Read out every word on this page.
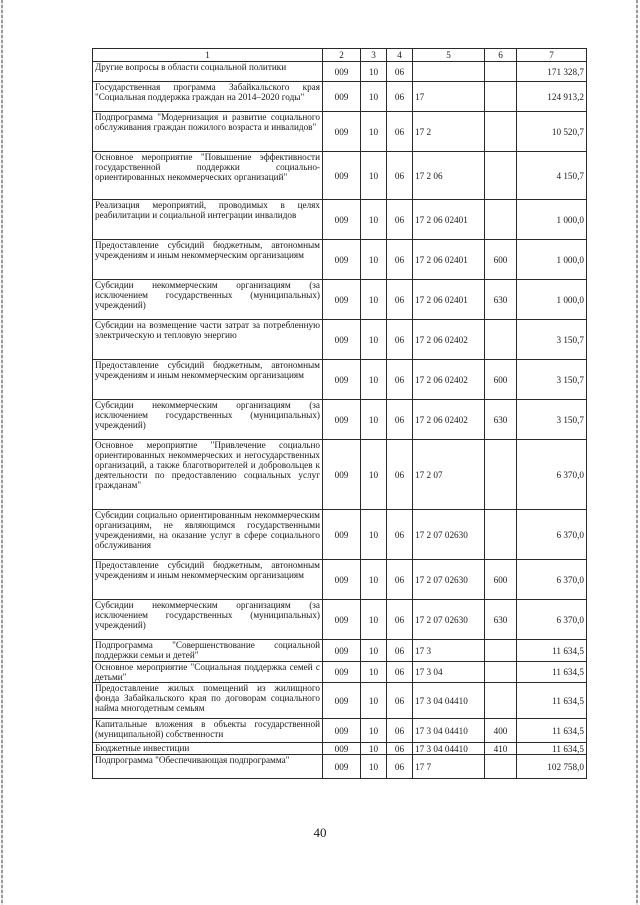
1	2	3	4	5	6	7
Другие вопросы в области социальной политики	009	10	06			171 328,7
Государственная программа Забайкальского края "Социальная поддержка граждан на 2014–2020 годы"	009	10	06	17		124 913,2
Подпрограмма "Модернизация и развитие социального обслуживания граждан пожилого возраста и инвалидов"	009	10	06	17 2		10 520,7
Основное мероприятие "Повышение эффективности государственной поддержки социально-ориентированных некоммерческих организаций"	009	10	06	17 2 06		4 150,7
Реализация мероприятий, проводимых в целях реабилитации и социальной интеграции инвалидов	009	10	06	17 2 06 02401		1 000,0
Предоставление субсидий бюджетным, автономным учреждениям и иным некоммерческим организациям	009	10	06	17 2 06 02401	600	1 000,0
Субсидии некоммерческим организациям (за исключением государственных (муниципальных) учреждений)	009	10	06	17 2 06 02401	630	1 000,0
Субсидии на возмещение части затрат за потребленную электрическую и тепловую энергию	009	10	06	17 2 06 02402		3 150,7
Предоставление субсидий бюджетным, автономным учреждениям и иным некоммерческим организациям	009	10	06	17 2 06 02402	600	3 150,7
Субсидии некоммерческим организациям (за исключением государственных (муниципальных) учреждений)	009	10	06	17 2 06 02402	630	3 150,7
Основное мероприятие "Привлечение социально ориентированных некоммерческих и негосударственных организаций, а также благотворителей и добровольцев к деятельности по предоставлению социальных услуг гражданам"	009	10	06	17 2 07		6 370,0
Субсидии социально ориентированным некоммерческим организациям, не являющимся государственными учреждениями, на оказание услуг в сфере социального обслуживания	009	10	06	17 2 07 02630		6 370,0
Предоставление субсидий бюджетным, автономным учреждениям и иным некоммерческим организациям	009	10	06	17 2 07 02630	600	6 370,0
Субсидии некоммерческим организациям (за исключением государственных (муниципальных) учреждений)	009	10	06	17 2 07 02630	630	6 370,0
Подпрограмма "Совершенствование социальной поддержки семьи и детей"	009	10	06	17 3		11 634,5
Основное мероприятие "Социальная поддержка семей с детьми"	009	10	06	17 3 04		11 634,5
Предоставление жилых помещений из жилищного фонда Забайкальского края по договорам социального найма многодетным семьям	009	10	06	17 3 04 04410		11 634,5
Капитальные вложения в объекты государственной (муниципальной) собственности	009	10	06	17 3 04 04410	400	11 634,5
Бюджетные инвестиции	009	10	06	17 3 04 04410	410	11 634,5
Подпрограмма "Обеспечивающая подпрограмма"	009	10	06	17 7		102 758,0
40
